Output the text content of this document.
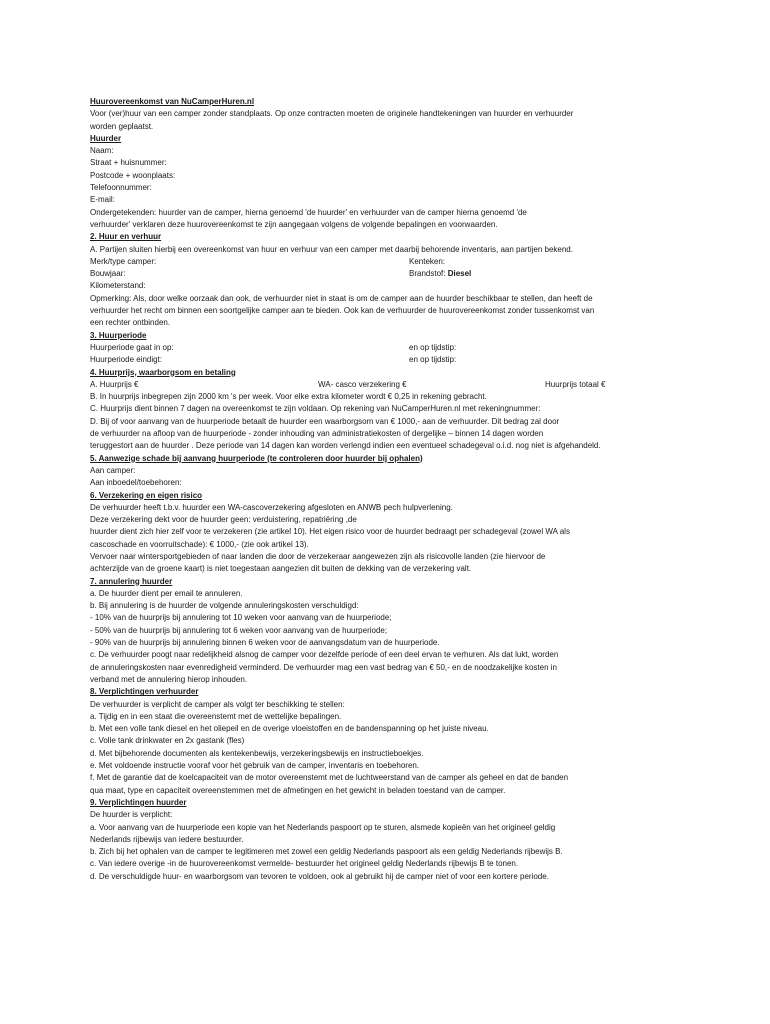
Huurovereenkomst van NuCamperHuren.nl
Voor (ver)huur van een camper zonder standplaats. Op onze contracten moeten de originele handtekeningen van huurder en verhuurder
worden geplaatst.
Huurder
Naam:
Straat + huisnummer:
Postcode + woonplaats:
Telefoonnummer:
E-mail:
Ondergetekenden: huurder van de camper, hierna genoemd 'de huurder' en verhuurder van de camper hierna genoemd 'de
verhuurder' verklaren deze huurovereenkomst te zijn aangegaan volgens de volgende bepalingen en voorwaarden.
2. Huur en verhuur
A. Partijen sluiten hierbij een overeenkomst van huur en verhuur van een camper met daarbij behorende inventaris, aan partijen bekend.
Merk/type camper:	Kenteken:
Bouwjaar:	Brandstof: Diesel
Kilometerstand:
Opmerking: Als, door welke oorzaak dan ook, de verhuurder niet in staat is om de camper aan de huurder beschikbaar te stellen, dan heeft de
verhuurder het recht om binnen een soortgelijke camper aan te bieden. Ook kan de verhuurder de huurovereenkomst zonder tussenkomst van
een rechter ontbinden.
3. Huurperiode
Huurperiode gaat in op:	en op tijdstip:
Huurperiode eindigt:	en op tijdstip:
4. Huurprijs, waarborgsom en betaling
A. Huurprijs €	WA- casco verzekering €	Huurprijs totaal €
B. In huurprijs inbegrepen zijn 2000 km 's per week. Voor elke extra kilometer wordt € 0,25 in rekening gebracht.
C. Huurprijs dient binnen 7 dagen na overeenkomst te zijn voldaan. Op rekening van NuCamperHuren.nl met rekeningnummer:
D. Bij of voor aanvang van de huurperiode betaalt de huurder een waarborgsom van € 1000,- aan de verhuurder. Dit bedrag zal door
de verhuurder na afloop van de huurperiode - zonder inhouding van administratiekosten of dergelijke – binnen 14 dagen worden
teruggestort aan de huurder . Deze periode van 14 dagen kan worden verlengd indien een eventueel schadegeval o.i.d. nog niet is afgehandeld.
5. Aanwezige schade bij aanvang huurperiode (te controleren door huurder bij ophalen)
Aan camper:
Aan inboedel/toebehoren:
6. Verzekering en eigen risico
De verhuurder heeft t.b.v. huurder een WA-cascoverzekering afgesloten en ANWB pech hulpverlening.
Deze verzekering dekt voor de huurder geen: verduistering, repatriëring ,de
huurder dient zich hier zelf voor te verzekeren (zie artikel 10). Het eigen risico voor de huurder bedraagt per schadegeval (zowel WA als
cascoschade en voorruitschade): € 1000,- (zie ook artikel 13).
Vervoer naar wintersportgebieden of naar landen die door de verzekeraar aangewezen zijn als risicovolle landen (zie hiervoor de
achterzijde van de groene kaart) is niet toegestaan aangezien dit buiten de dekking van de verzekering valt.
7. annulering huurder
a. De huurder dient per email te annuleren.
b. Bij annulering is de huurder de volgende annuleringskosten verschuldigd:
- 10% van de huurprijs bij annulering tot 10 weken voor aanvang van de huurperiode;
- 50% van de huurprijs bij annulering tot 6 weken voor aanvang van de huurperiode;
- 90% van de huurprijs bij annulering binnen 6 weken voor de aanvangsdatum van de huurperiode.
c. De verhuurder poogt naar redelijkheid alsnog de camper voor dezelfde periode of een deel ervan te verhuren. Als dat lukt, worden
de annuleringskosten naar evenredigheid verminderd. De verhuurder mag een vast bedrag van € 50,- en de noodzakelijke kosten in
verband met de annulering hierop inhouden.
8. Verplichtingen verhuurder
De verhuurder is verplicht de camper als volgt ter beschikking te stellen:
a. Tijdig en in een staat die overeenstemt met de wettelijke bepalingen.
b. Met een volle tank diesel en het oliepeil en de overige vloeistoffen en de bandenspanning op het juiste niveau.
c. Volle tank drinkwater en 2x gastank (fles)
d. Met bijbehorende documenten als kentekenbewijs, verzekeringsbewijs en instructieboekjes.
e. Met voldoende instructie vooraf voor het gebruik van de camper, inventaris en toebehoren.
f. Met de garantie dat de koelcapaciteit van de motor overeenstemt met de luchtweerstand van de camper als geheel en dat de banden
qua maat, type en capaciteit overeenstemmen met de afmetingen en het gewicht in beladen toestand van de camper.
9. Verplichtingen huurder
De huurder is verplicht:
a. Voor aanvang van de huurperiode een kopie van het Nederlands paspoort op te sturen, alsmede kopieën van het origineel geldig
Nederlands rijbewijs van iedere bestuurder.
b. Zich bij het ophalen van de camper te legitimeren met zowel een geldig Nederlands paspoort als een geldig Nederlands rijbewijs B.
c. Van iedere overige -in de huurovereenkomst vermelde- bestuurder het origineel geldig Nederlands rijbewijs B te tonen.
d. De verschuldigde huur- en waarborgsom van tevoren te voldoen, ook al gebruikt hij de camper niet of voor een kortere periode.
